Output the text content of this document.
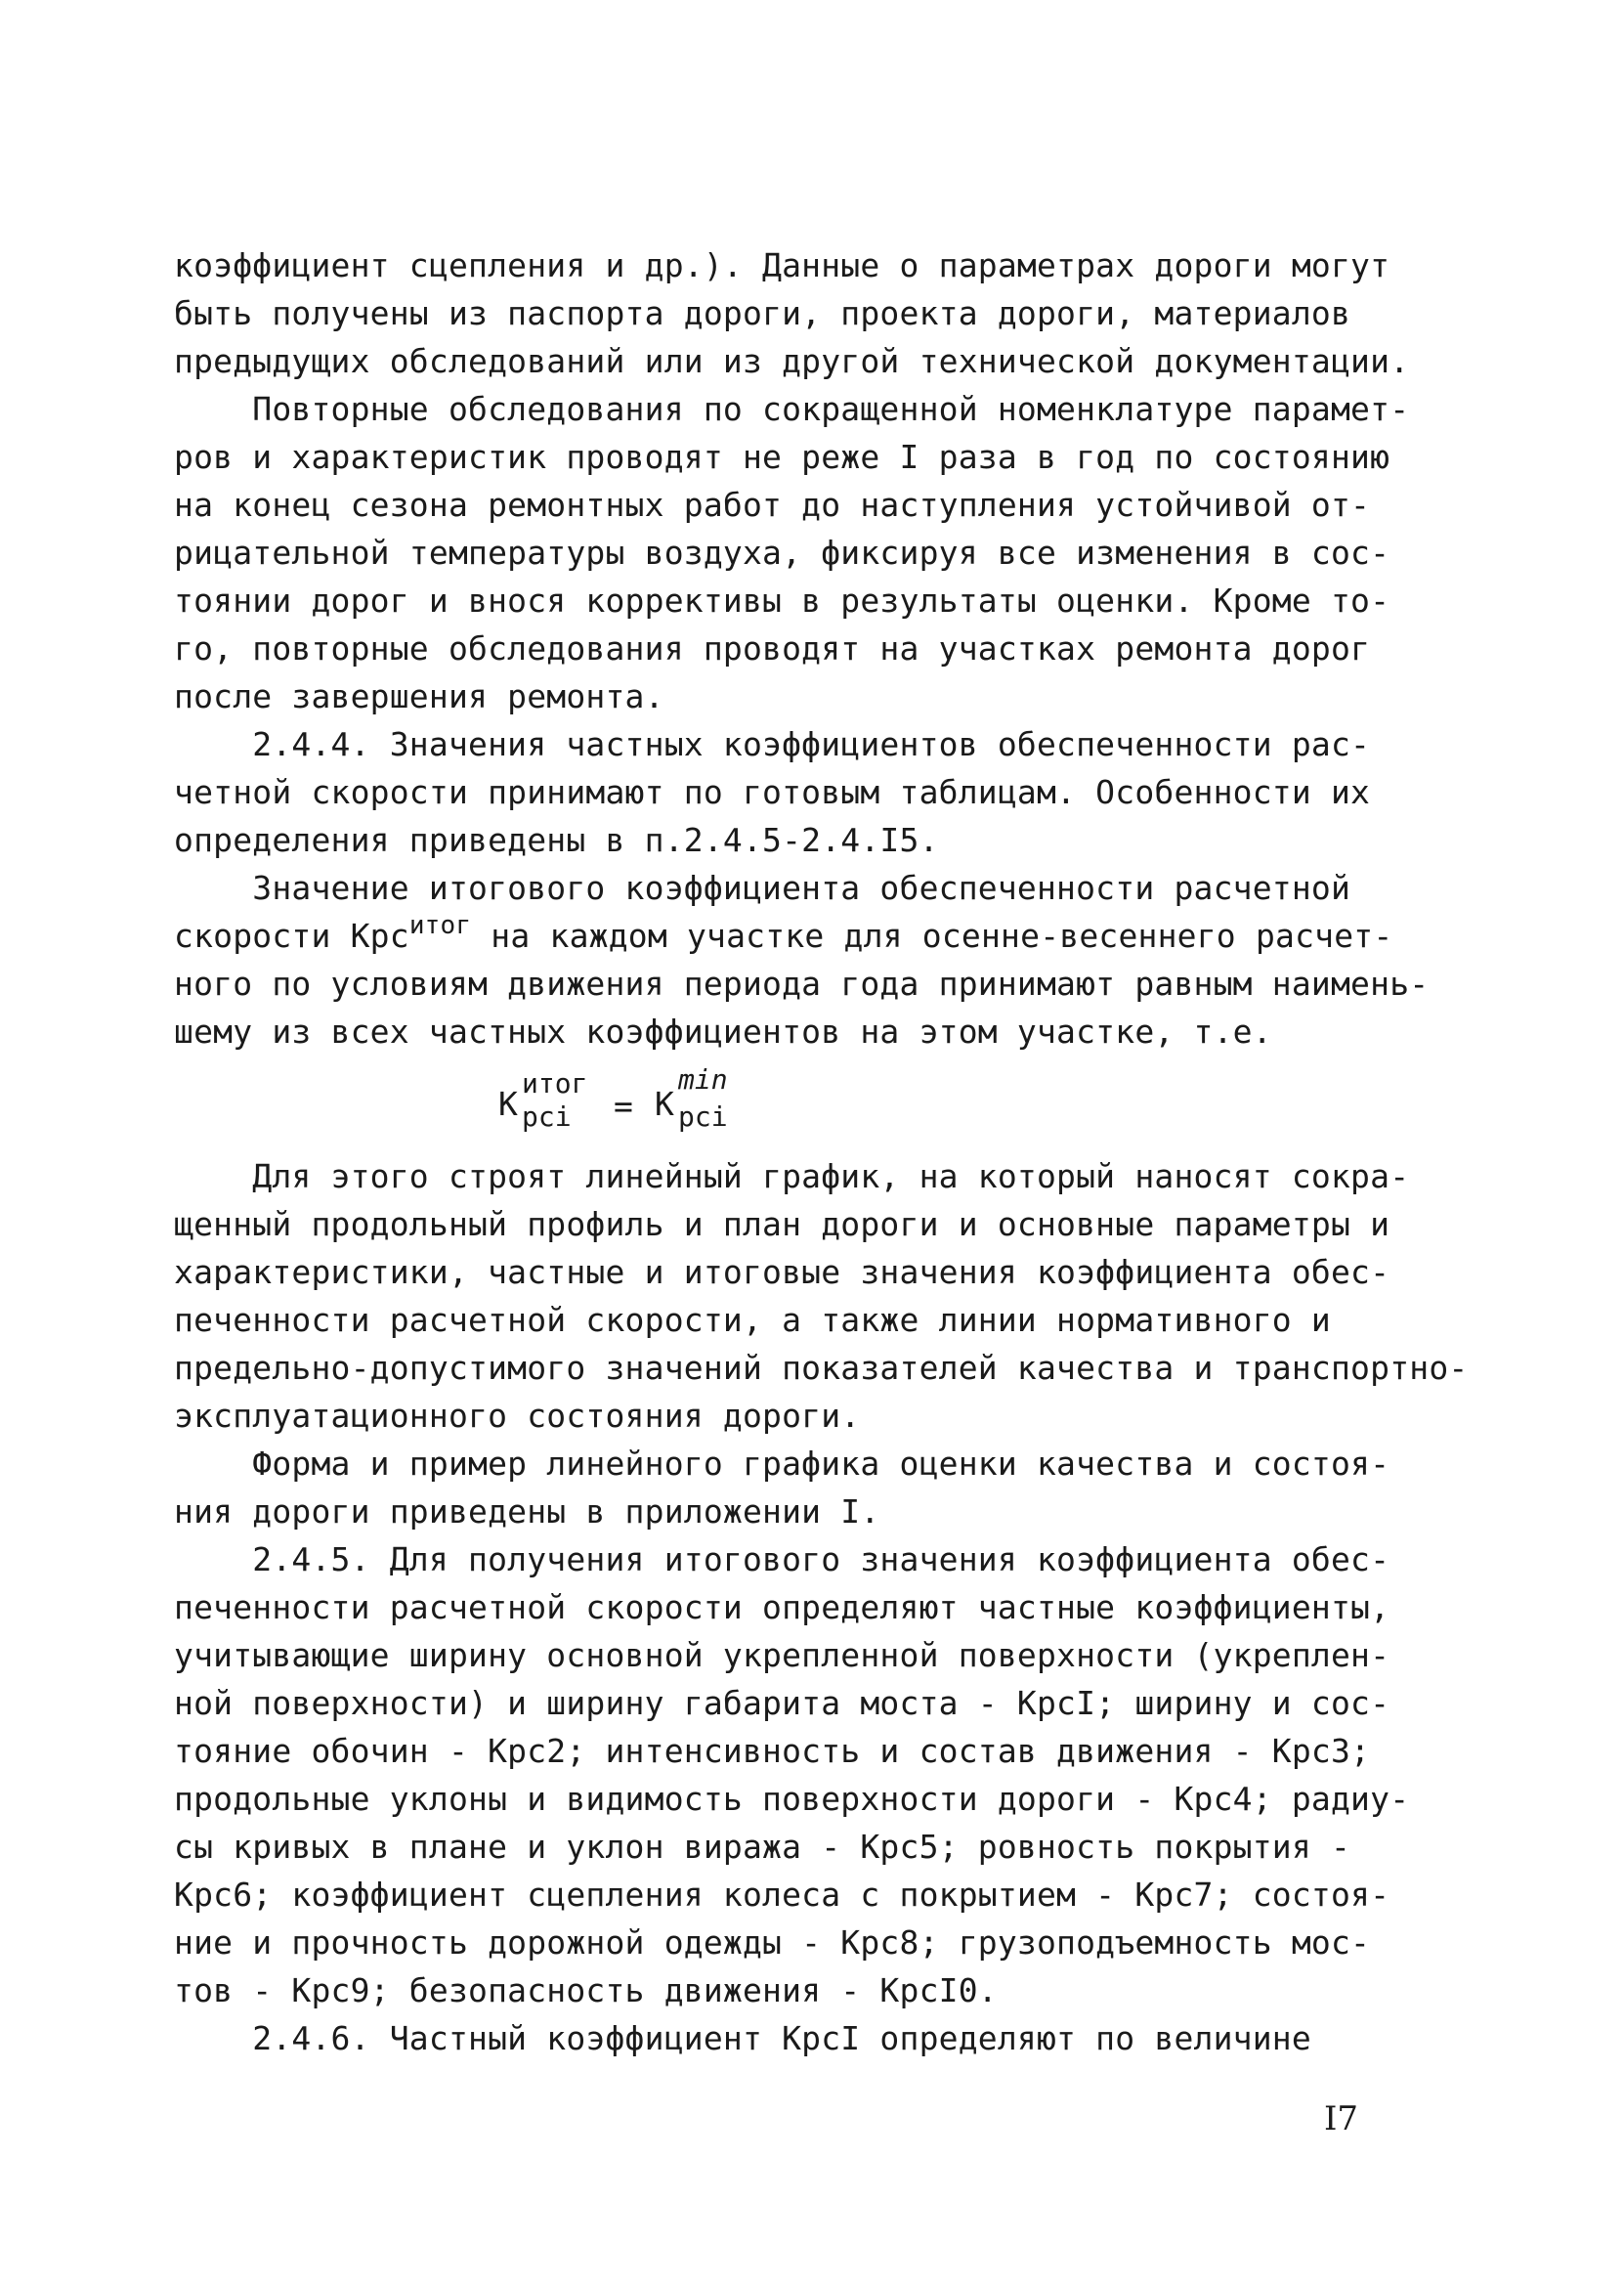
коэффициент сцепления и др.). Данные о параметрах дороги могут
быть получены из паспорта дороги, проекта дороги, материалов
предыдущих обследований или из другой технической документации.
Повторные обследования по сокращенной номенклатуре парамет-
ров и характеристик проводят не реже I раза в год по состоянию
на конец сезона ремонтных работ до наступления устойчивой от-
рицательной температуры воздуха, фиксируя все изменения в сос-
тоянии дорог и внося коррективы в результаты оценки. Кроме то-
го, повторные обследования проводят на участках ремонта дорог
после завершения ремонта.
2.4.4. Значения частных коэффициентов обеспеченности рас-
четной скорости принимают по готовым таблицам. Особенности их
определения приведены в п.2.4.5-2.4.I5.
Значение итогового коэффициента обеспеченности расчетной
скорости Крс$^{итог}$ на каждом участке для осенне-весеннего расчет-
ного по условиям движения периода года принимают равным наимень-
шему из всех частных коэффициентов на этом участке, т.е.
К
итог
рсi = К
min
рсi
Для этого строят линейный график, на который наносят сокра-
щенный продольный профиль и план дороги и основные параметры и
характеристики, частные и итоговые значения коэффициента обес-
печенности расчетной скорости, а также линии нормативного и
предельно-допустимого значений показателей качества и транспортно-
эксплуатационного состояния дороги.
Форма и пример линейного графика оценки качества и состоя-
ния дороги приведены в приложении I.
2.4.5. Для получения итогового значения коэффициента обес-
печенности расчетной скорости определяют частные коэффициенты,
учитывающие ширину основной укрепленной поверхности (укреплен-
ной поверхности) и ширину габарита моста - КрсI; ширину и сос-
тояние обочин - Крс2; интенсивность и состав движения - Крс3;
продольные уклоны и видимость поверхности дороги - Крс4; радиу-
сы кривых в плане и уклон виража - Крс5; ровность покрытия -
Крс6; коэффициент сцепления колеса с покрытием - Крс7; состоя-
ние и прочность дорожной одежды - Крс8; грузоподъемность мос-
тов - Крс9; безопасность движения - КрсI0.
2.4.6. Частный коэффициент КрсI определяют по величине
I7
